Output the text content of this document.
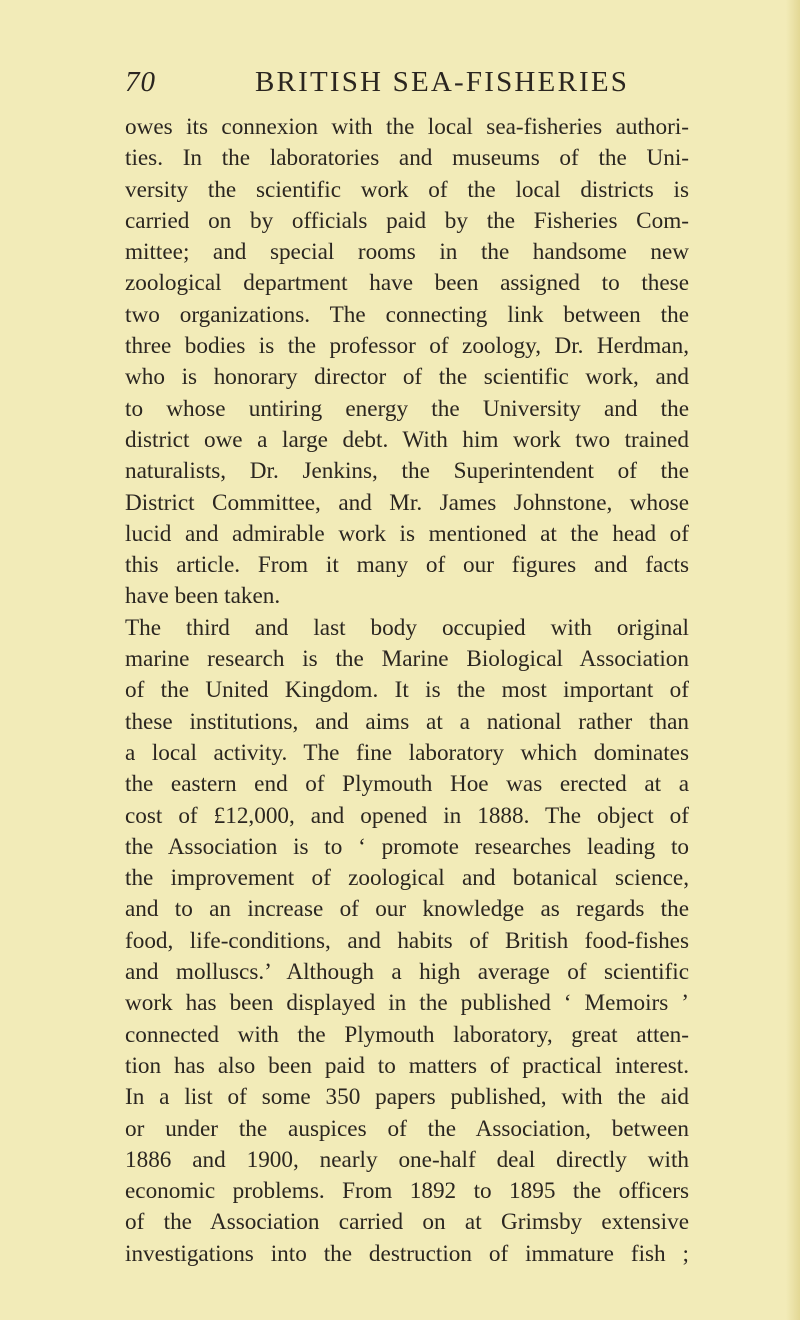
70	BRITISH SEA-FISHERIES
owes its connexion with the local sea-fisheries authori-
ties. In the laboratories and museums of the Uni-
versity the scientific work of the local districts is
carried on by officials paid by the Fisheries Com-
mittee; and special rooms in the handsome new
zoological department have been assigned to these
two organizations. The connecting link between the
three bodies is the professor of zoology, Dr. Herdman,
who is honorary director of the scientific work, and
to whose untiring energy the University and the
district owe a large debt. With him work two trained
naturalists, Dr. Jenkins, the Superintendent of the
District Committee, and Mr. James Johnstone, whose
lucid and admirable work is mentioned at the head of
this article. From it many of our figures and facts
have been taken.
The third and last body occupied with original
marine research is the Marine Biological Association
of the United Kingdom. It is the most important of
these institutions, and aims at a national rather than
a local activity. The fine laboratory which dominates
the eastern end of Plymouth Hoe was erected at a
cost of £12,000, and opened in 1888. The object of
the Association is to ‘ promote researches leading to
the improvement of zoological and botanical science,
and to an increase of our knowledge as regards the
food, life-conditions, and habits of British food-fishes
and molluscs.’ Although a high average of scientific
work has been displayed in the published ‘ Memoirs ’
connected with the Plymouth laboratory, great atten-
tion has also been paid to matters of practical interest.
In a list of some 350 papers published, with the aid
or under the auspices of the Association, between
1886 and 1900, nearly one-half deal directly with
economic problems. From 1892 to 1895 the officers
of the Association carried on at Grimsby extensive
investigations into the destruction of immature fish ;
